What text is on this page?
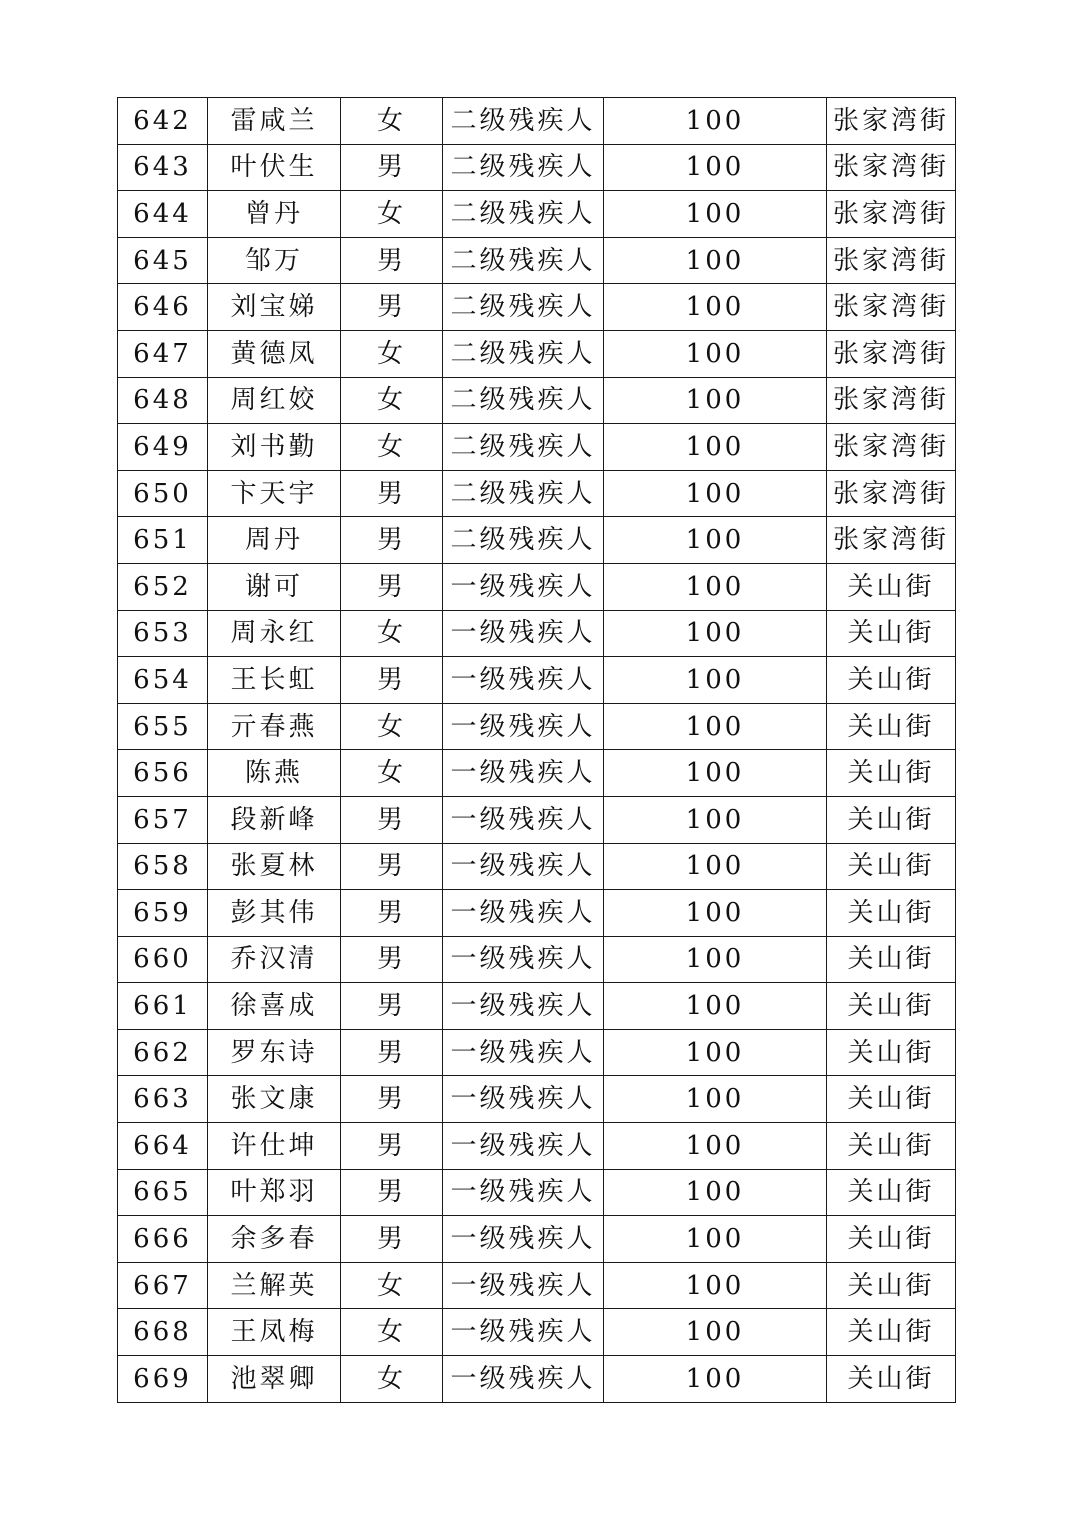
642	雷咸兰	女	二级残疾人	100	张家湾街
643	叶伏生	男	二级残疾人	100	张家湾街
644	曾丹	女	二级残疾人	100	张家湾街
645	邹万	男	二级残疾人	100	张家湾街
646	刘宝娣	男	二级残疾人	100	张家湾街
647	黄德凤	女	二级残疾人	100	张家湾街
648	周红姣	女	二级残疾人	100	张家湾街
649	刘书勤	女	二级残疾人	100	张家湾街
650	卞天宇	男	二级残疾人	100	张家湾街
651	周丹	男	二级残疾人	100	张家湾街
652	谢可	男	一级残疾人	100	关山街
653	周永红	女	一级残疾人	100	关山街
654	王长虹	男	一级残疾人	100	关山街
655	亓春燕	女	一级残疾人	100	关山街
656	陈燕	女	一级残疾人	100	关山街
657	段新峰	男	一级残疾人	100	关山街
658	张夏林	男	一级残疾人	100	关山街
659	彭其伟	男	一级残疾人	100	关山街
660	乔汉清	男	一级残疾人	100	关山街
661	徐喜成	男	一级残疾人	100	关山街
662	罗东诗	男	一级残疾人	100	关山街
663	张文康	男	一级残疾人	100	关山街
664	许仕坤	男	一级残疾人	100	关山街
665	叶郑羽	男	一级残疾人	100	关山街
666	余多春	男	一级残疾人	100	关山街
667	兰解英	女	一级残疾人	100	关山街
668	王凤梅	女	一级残疾人	100	关山街
669	池翠卿	女	一级残疾人	100	关山街
